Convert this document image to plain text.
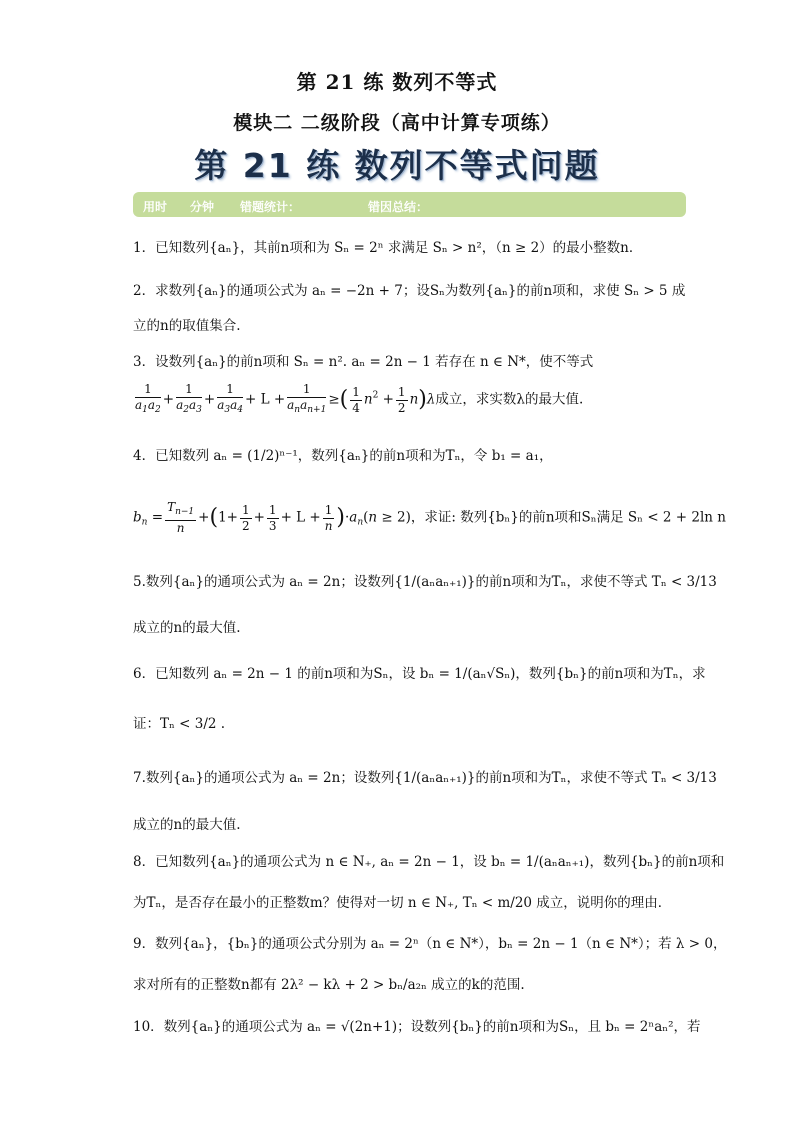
第 21 练 数列不等式
模块二 二级阶段（高中计算专项练）
第 21 练 数列不等式问题
用时 分钟 错题统计：	错因总结：
1．已知数列{aₙ}，其前n项和为 Sₙ = 2ⁿ 求满足 Sₙ > n²，（n ≥ 2）的最小整数n．
2．求数列{aₙ}的通项公式为 aₙ = −2n + 7；设Sₙ为数列{aₙ}的前n项和，求使 Sₙ > 5 成
立的n的取值集合.
3．设数列{aₙ}的前n项和 Sₙ = n². aₙ = 2n − 1 若存在 n ∈ N*，使不等式
$\frac{1}{a_1a_2} + \frac{1}{a_2a_3} + \frac{1}{a_3a_4} + L + \frac{1}{a_na_{n+1}}$ ≥( $\frac{1}{4} n^2 + \frac{1}{2} n)\lambda$成立，求实数λ的最大值.
4．已知数列 aₙ = (1/2)ⁿ⁻¹，数列{aₙ}的前n项和为Tₙ，令 b₁ = a₁，
$b_n = \frac{T_{n-1}}{n} +(1+ \frac{1}{2} + \frac{1}{3} + L + \frac{1}{n} )\cdot a_n(n \ge 2)$，求证: 数列{bₙ}的前n项和Sₙ满足 Sₙ < 2 + 2ln n
5.数列{aₙ}的通项公式为 aₙ = 2n；设数列{1/(aₙaₙ₊₁)}的前n项和为Tₙ，求使不等式 Tₙ < 3/13
成立的n的最大值.
6．已知数列 aₙ = 2n − 1 的前n项和为Sₙ，设 bₙ = 1/(aₙ√Sₙ)，数列{bₙ}的前n项和为Tₙ，求
证：Tₙ < 3/2 .
7.数列{aₙ}的通项公式为 aₙ = 2n；设数列{1/(aₙaₙ₊₁)}的前n项和为Tₙ，求使不等式 Tₙ < 3/13
成立的n的最大值.
8．已知数列{aₙ}的通项公式为 n ∈ N₊, aₙ = 2n − 1，设 bₙ = 1/(aₙaₙ₊₁)，数列{bₙ}的前n项和
为Tₙ，是否存在最小的正整数m？使得对一切 n ∈ N₊, Tₙ < m/20 成立，说明你的理由．
9．数列{aₙ}，{bₙ}的通项公式分别为 aₙ = 2ⁿ（n ∈ N*），bₙ = 2n − 1（n ∈ N*）；若 λ > 0，
求对所有的正整数n都有 2λ² − kλ + 2 > bₙ/a₂ₙ 成立的k的范围.
10．数列{aₙ}的通项公式为 aₙ = √(2n+1)；设数列{bₙ}的前n项和为Sₙ，且 bₙ = 2ⁿaₙ²，若
